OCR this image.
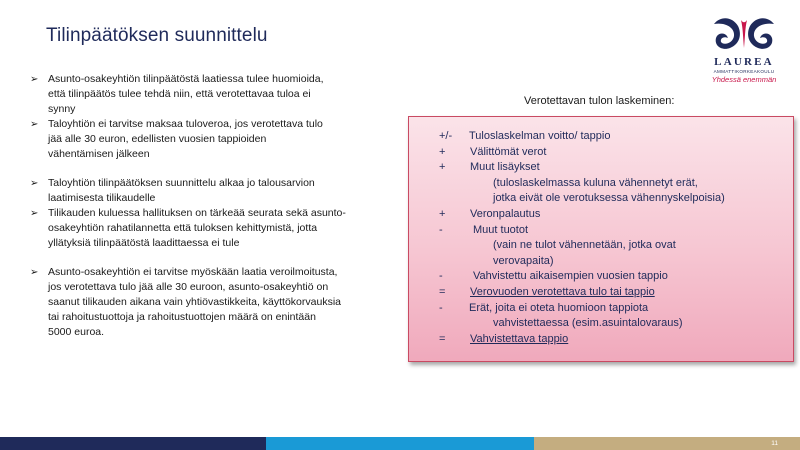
Tilinpäätöksen suunnittelu
LAUREA
AMMATTIKORKEAKOULU
Yhdessä enemmän
➢ Asunto-osakeyhtiön tilinpäätöstä laatiessa tulee huomioida,
että tilinpäätös tulee tehdä niin, että verotettavaa tuloa ei
synny
➢ Taloyhtiön ei tarvitse maksaa tuloveroa, jos verotettava tulo
jää alle 30 euron, edellisten vuosien tappioiden
vähentämisen jälkeen
➢ Taloyhtiön tilinpäätöksen suunnittelu alkaa jo talousarvion
laatimisesta tilikaudelle
➢ Tilikauden kuluessa hallituksen on tärkeää seurata sekä asunto-
osakeyhtiön rahatilannetta että tuloksen kehittymistä, jotta
yllätyksiä tilinpäätöstä laadittaessa ei tule
➢ Asunto-osakeyhtiön ei tarvitse myöskään laatia veroilmoitusta,
jos verotettava tulo jää alle 30 euroon, asunto-osakeyhtiö on
saanut tilikauden aikana vain yhtiövastikkeita, käyttökorvauksia
tai rahoitustuottoja ja rahoitustuottojen määrä on enintään
5000 euroa.
Verotettavan tulon laskeminen:
+/- Tuloslaskelman voitto/ tappio
+ Välittömät verot
+ Muut lisäykset
(tuloslaskelmassa kuluna vähennetyt erät,
jotka eivät ole verotuksessa vähennyskelpoisia)
+ Veronpalautus
-	Muut tuotot
(vain ne tulot vähennetään, jotka ovat
verovapaita)
-	Vahvistettu aikaisempien vuosien tappio
= Verovuoden verotettava tulo tai tappio
- Erät, joita ei oteta huomioon tappiota
vahvistettaessa (esim.asuintalovaraus)
= Vahvistettava tappio
11
